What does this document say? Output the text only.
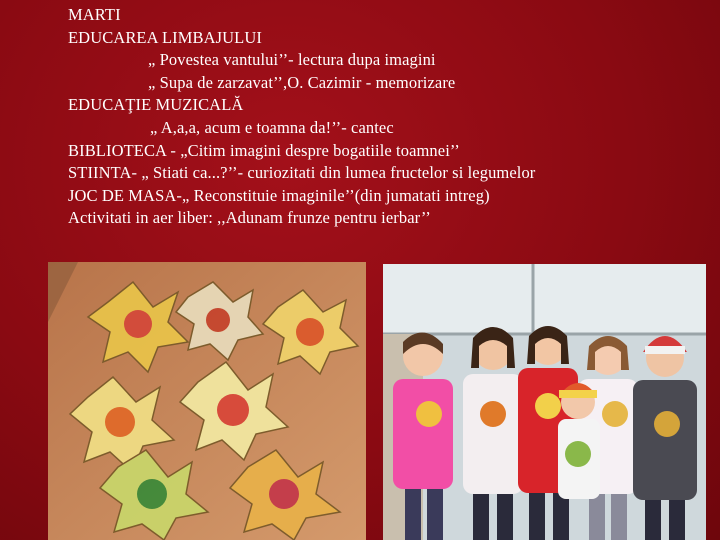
MARTI
EDUCAREA LIMBAJULUI
„ Povestea vantului’’- lectura dupa imagini
„ Supa de zarzavat’’,O. Cazimir - memorizare
EDUCAŢIE MUZICALĂ
„ A,a,a, acum e toamna da!’’- cantec
BIBLIOTECA - „Citim imagini despre bogatiile toamnei’’
STIINTA- „ Stiati ca...?’’- curiozitati din lumea fructelor si legumelor
JOC DE MASA-„ Reconstituie imaginile’’(din jumatati intreg)
Activitati in aer liber: ,,Adunam frunze pentru ierbar’’
